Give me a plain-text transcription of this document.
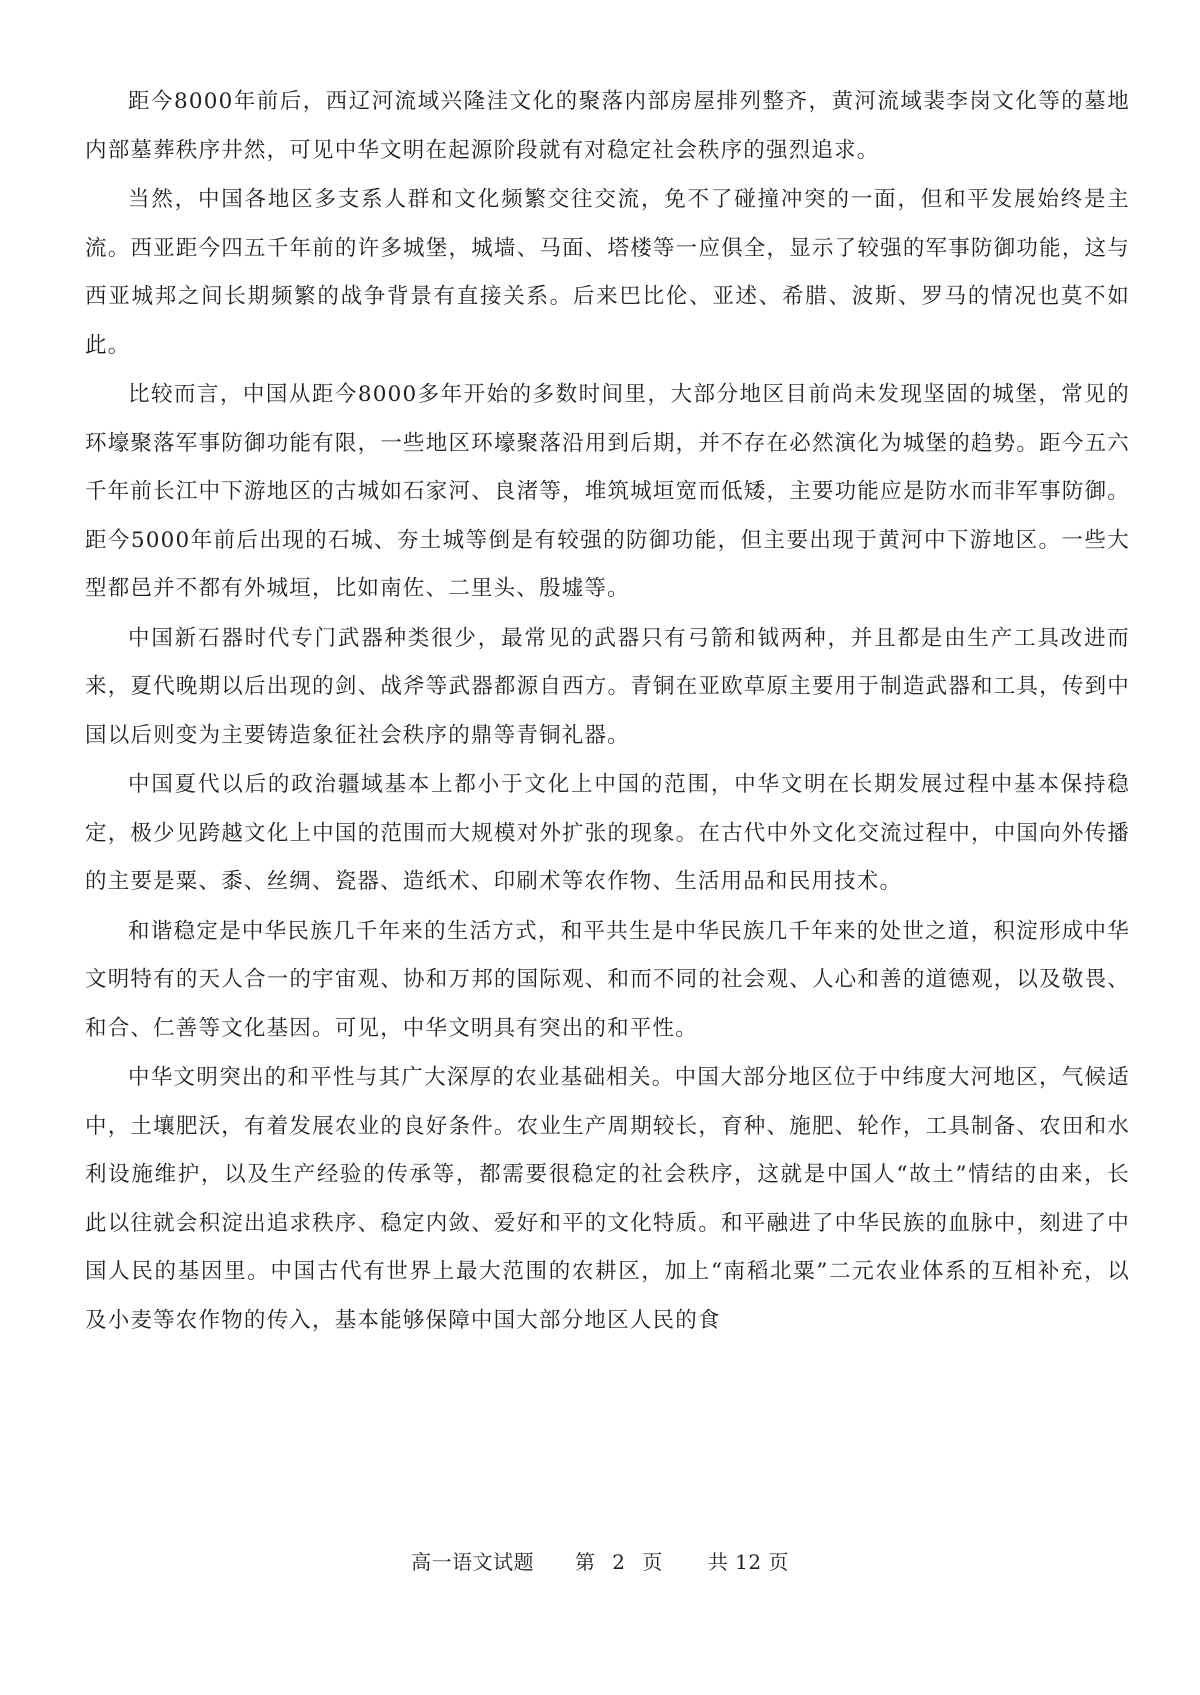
距今8000年前后，西辽河流域兴隆洼文化的聚落内部房屋排列整齐，黄河流域裴李岗文化等的墓地内部墓葬秩序井然，可见中华文明在起源阶段就有对稳定社会秩序的强烈追求。

当然，中国各地区多支系人群和文化频繁交往交流，免不了碰撞冲突的一面，但和平发展始终是主流。西亚距今四五千年前的许多城堡，城墙、马面、塔楼等一应俱全，显示了较强的军事防御功能，这与西亚城邦之间长期频繁的战争背景有直接关系。后来巴比伦、亚述、希腊、波斯、罗马的情况也莫不如此。

比较而言，中国从距今8000多年开始的多数时间里，大部分地区目前尚未发现坚固的城堡，常见的环壕聚落军事防御功能有限，一些地区环壕聚落沿用到后期，并不存在必然演化为城堡的趋势。距今五六千年前长江中下游地区的古城如石家河、良渚等，堆筑城垣宽而低矮，主要功能应是防水而非军事防御。距今5000年前后出现的石城、夯土城等倒是有较强的防御功能，但主要出现于黄河中下游地区。一些大型都邑并不都有外城垣，比如南佐、二里头、殷墟等。

中国新石器时代专门武器种类很少，最常见的武器只有弓箭和钺两种，并且都是由生产工具改进而来，夏代晚期以后出现的剑、战斧等武器都源自西方。青铜在亚欧草原主要用于制造武器和工具，传到中国以后则变为主要铸造象征社会秩序的鼎等青铜礼器。

中国夏代以后的政治疆域基本上都小于文化上中国的范围，中华文明在长期发展过程中基本保持稳定，极少见跨越文化上中国的范围而大规模对外扩张的现象。在古代中外文化交流过程中，中国向外传播的主要是粟、黍、丝绸、瓷器、造纸术、印刷术等农作物、生活用品和民用技术。

和谐稳定是中华民族几千年来的生活方式，和平共生是中华民族几千年来的处世之道，积淀形成中华文明特有的天人合一的宇宙观、协和万邦的国际观、和而不同的社会观、人心和善的道德观，以及敬畏、和合、仁善等文化基因。可见，中华文明具有突出的和平性。

中华文明突出的和平性与其广大深厚的农业基础相关。中国大部分地区位于中纬度大河地区，气候适中，土壤肥沃，有着发展农业的良好条件。农业生产周期较长，育种、施肥、轮作，工具制备、农田和水利设施维护，以及生产经验的传承等，都需要很稳定的社会秩序，这就是中国人“故土”情结的由来，长此以往就会积淀出追求秩序、稳定内敛、爱好和平的文化特质。和平融进了中华民族的血脉中，刻进了中国人民的基因里。中国古代有世界上最大范围的农耕区，加上“南稻北粟”二元农业体系的互相补充，以及小麦等农作物的传入，基本能够保障中国大部分地区人民的食

高一语文试题 第 2 页 共 12 页
